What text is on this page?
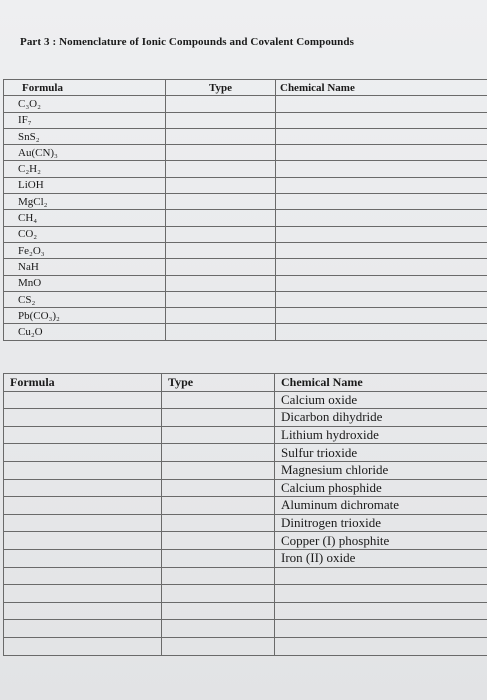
Part 3 : Nomenclature of Ionic Compounds and Covalent Compounds
Formula	Type	Chemical Name
C₃O₂		
IF₇		
SnS₂		
Au(CN)₃		
C₂H₂		
LiOH		
MgCl₂		
CH₄		
CO₂		
Fe₂O₃		
NaH		
MnO		
CS₂		
Pb(CO₃)₂		
Cu₂O		
Formula	Type	Chemical Name
		Calcium oxide
		Dicarbon dihydride
		Lithium hydroxide
		Sulfur trioxide
		Magnesium chloride
		Calcium phosphide
		Aluminum dichromate
		Dinitrogen trioxide
		Copper (I) phosphite
		Iron (II) oxide
